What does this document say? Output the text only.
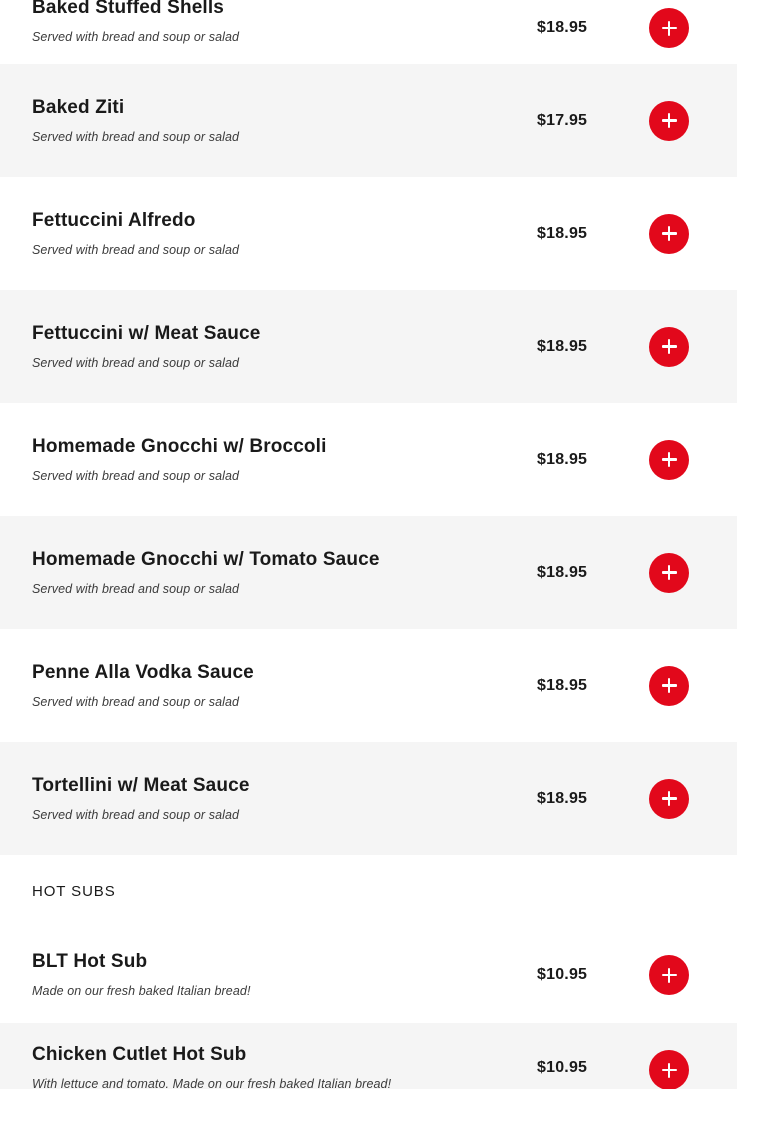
Baked Stuffed Shells
Served with bread and soup or salad
$18.95
Baked Ziti
Served with bread and soup or salad
$17.95
Fettuccini Alfredo
Served with bread and soup or salad
$18.95
Fettuccini w/ Meat Sauce
Served with bread and soup or salad
$18.95
Homemade Gnocchi w/ Broccoli
Served with bread and soup or salad
$18.95
Homemade Gnocchi w/ Tomato Sauce
Served with bread and soup or salad
$18.95
Penne Alla Vodka Sauce
Served with bread and soup or salad
$18.95
Tortellini w/ Meat Sauce
Served with bread and soup or salad
$18.95
HOT SUBS
BLT Hot Sub
Made on our fresh baked Italian bread!
$10.95
Chicken Cutlet Hot Sub
With lettuce and tomato. Made on our fresh baked Italian bread!
$10.95
